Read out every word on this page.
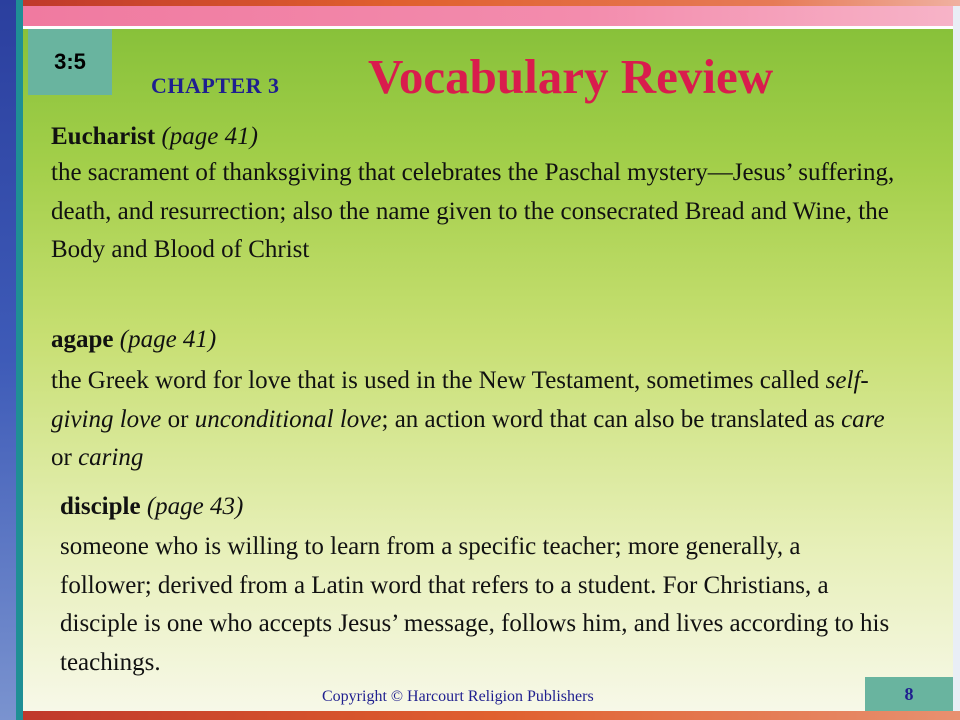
3:5
CHAPTER 3 Vocabulary Review
Eucharist (page 41)
the sacrament of thanksgiving that celebrates the Paschal mystery—Jesus’ suffering, death, and resurrection; also the name given to the consecrated Bread and Wine, the Body and Blood of Christ
agape (page 41)
the Greek word for love that is used in the New Testament, sometimes called self-giving love or unconditional love; an action word that can also be translated as care or caring
disciple (page 43)
someone who is willing to learn from a specific teacher; more generally, a follower; derived from a Latin word that refers to a student. For Christians, a disciple is one who accepts Jesus’ message, follows him, and lives according to his teachings.
Copyright © Harcourt Religion Publishers	8
